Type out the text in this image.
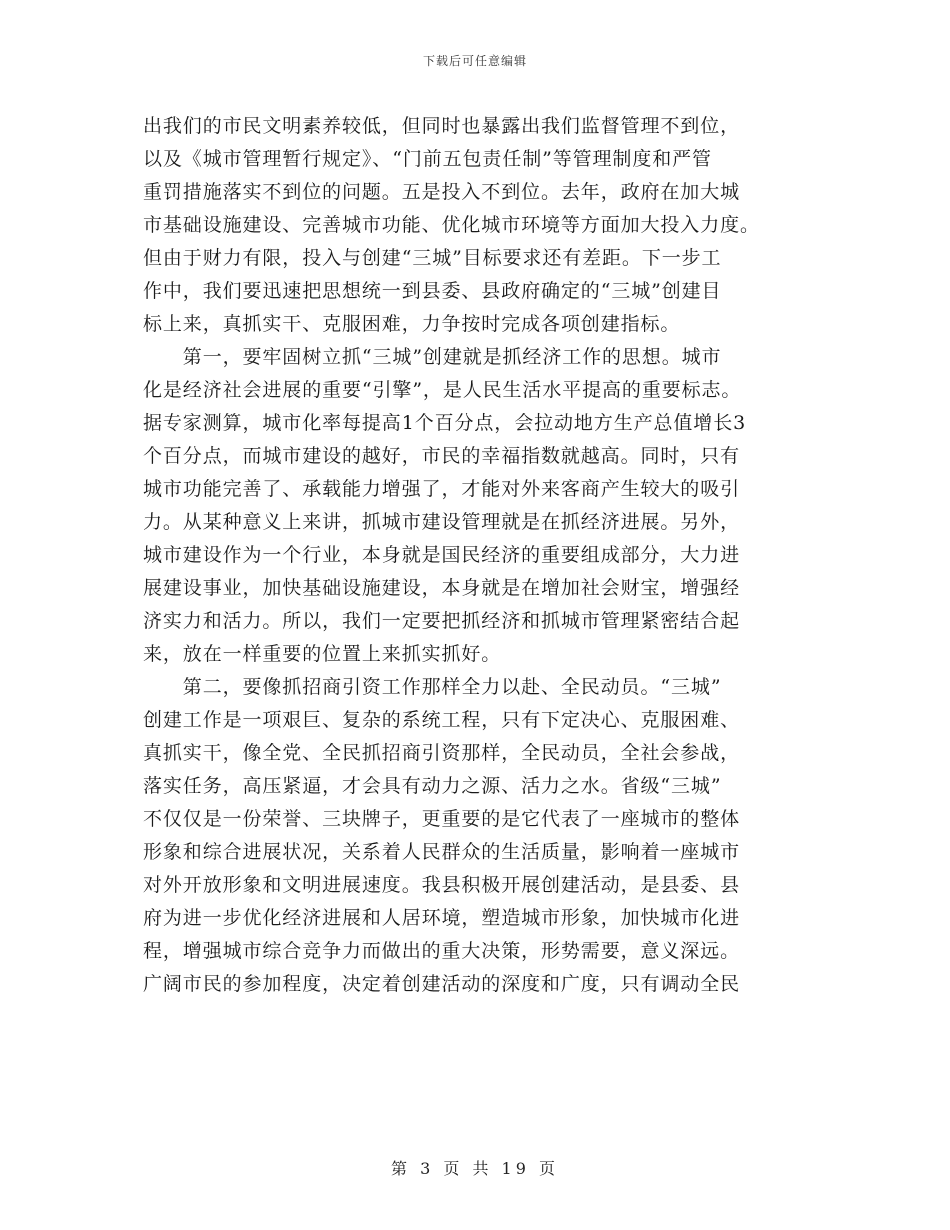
下载后可任意编辑
出我们的市民文明素养较低，但同时也暴露出我们监督管理不到位，
以及《城市管理暂行规定》、“门前五包责任制”等管理制度和严管
重罚措施落实不到位的问题。五是投入不到位。去年，政府在加大城
市基础设施建设、完善城市功能、优化城市环境等方面加大投入力度。
但由于财力有限，投入与创建“三城”目标要求还有差距。下一步工
作中，我们要迅速把思想统一到县委、县政府确定的“三城”创建目
标上来，真抓实干、克服困难，力争按时完成各项创建指标。
　　第一，要牢固树立抓“三城”创建就是抓经济工作的思想。城市
化是经济社会进展的重要“引擎”，是人民生活水平提高的重要标志。
据专家测算，城市化率每提高1个百分点，会拉动地方生产总值增长3
个百分点，而城市建设的越好，市民的幸福指数就越高。同时，只有
城市功能完善了、承载能力增强了，才能对外来客商产生较大的吸引
力。从某种意义上来讲，抓城市建设管理就是在抓经济进展。另外，
城市建设作为一个行业，本身就是国民经济的重要组成部分，大力进
展建设事业，加快基础设施建设，本身就是在增加社会财宝，增强经
济实力和活力。所以，我们一定要把抓经济和抓城市管理紧密结合起
来，放在一样重要的位置上来抓实抓好。
　　第二，要像抓招商引资工作那样全力以赴、全民动员。“三城”
创建工作是一项艰巨、复杂的系统工程，只有下定决心、克服困难、
真抓实干，像全党、全民抓招商引资那样，全民动员，全社会参战，
落实任务，高压紧逼，才会具有动力之源、活力之水。省级“三城”
不仅仅是一份荣誉、三块牌子，更重要的是它代表了一座城市的整体
形象和综合进展状况，关系着人民群众的生活质量，影响着一座城市
对外开放形象和文明进展速度。我县积极开展创建活动，是县委、县
府为进一步优化经济进展和人居环境，塑造城市形象，加快城市化进
程，增强城市综合竞争力而做出的重大决策，形势需要，意义深远。
广阔市民的参加程度，决定着创建活动的深度和广度，只有调动全民
第 3 页 共 19 页
